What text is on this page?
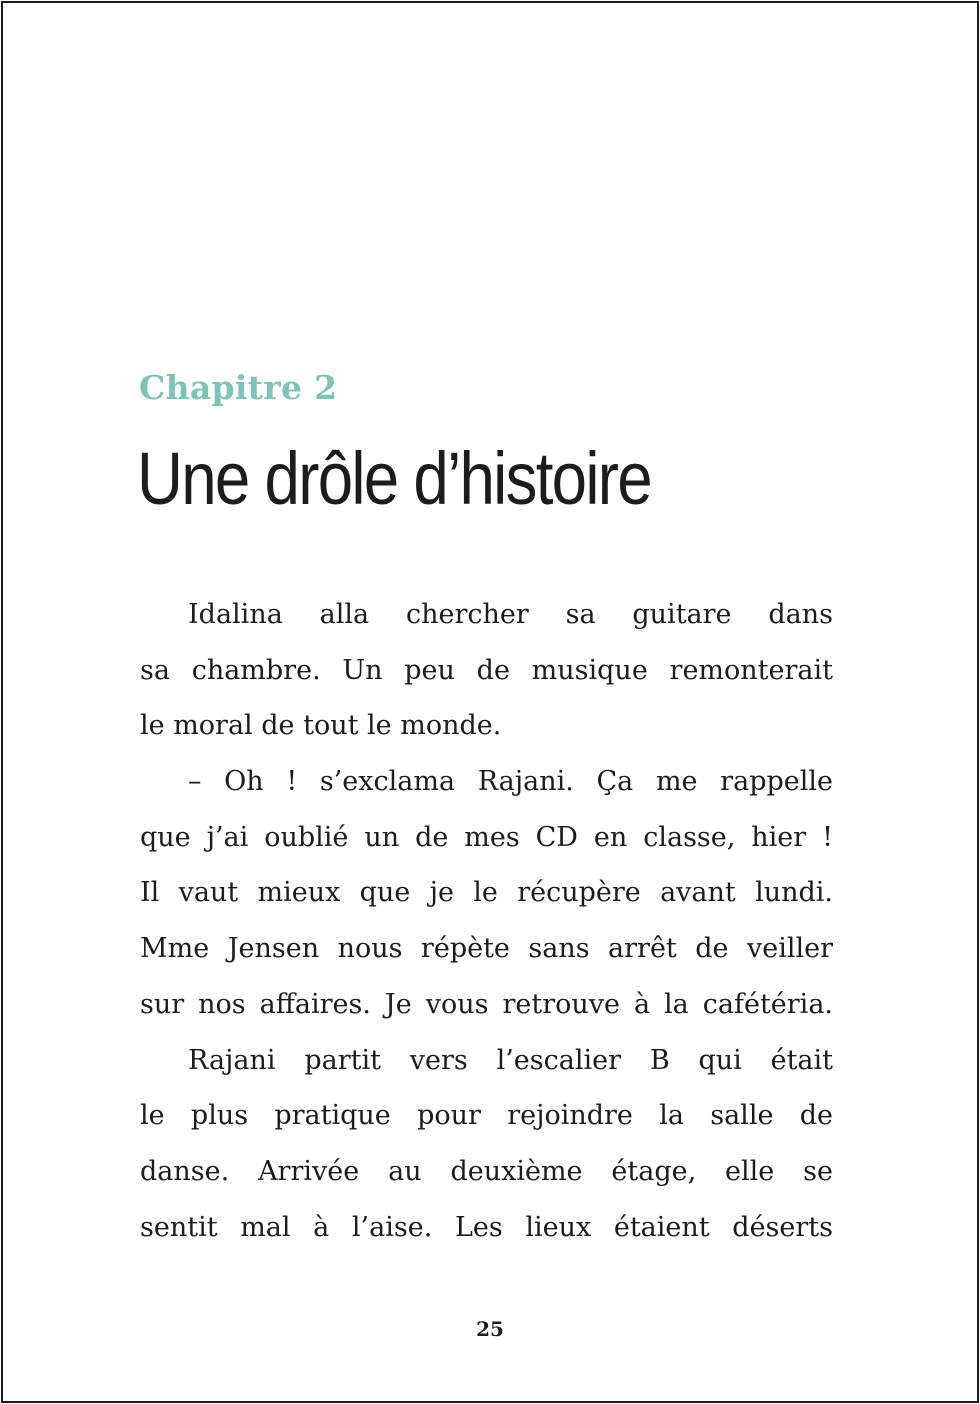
Chapitre 2
Une drôle d’histoire
Idalina alla chercher sa guitare dans
sa chambre. Un peu de musique remonterait
le moral de tout le monde.
– Oh ! s’exclama Rajani. Ça me rappelle
que j’ai oublié un de mes CD en classe, hier !
Il vaut mieux que je le récupère avant lundi.
Mme Jensen nous répète sans arrêt de veiller
sur nos affaires. Je vous retrouve à la cafétéria.
Rajani partit vers l’escalier B qui était
le plus pratique pour rejoindre la salle de
danse. Arrivée au deuxième étage, elle se
sentit mal à l’aise. Les lieux étaient déserts
25
